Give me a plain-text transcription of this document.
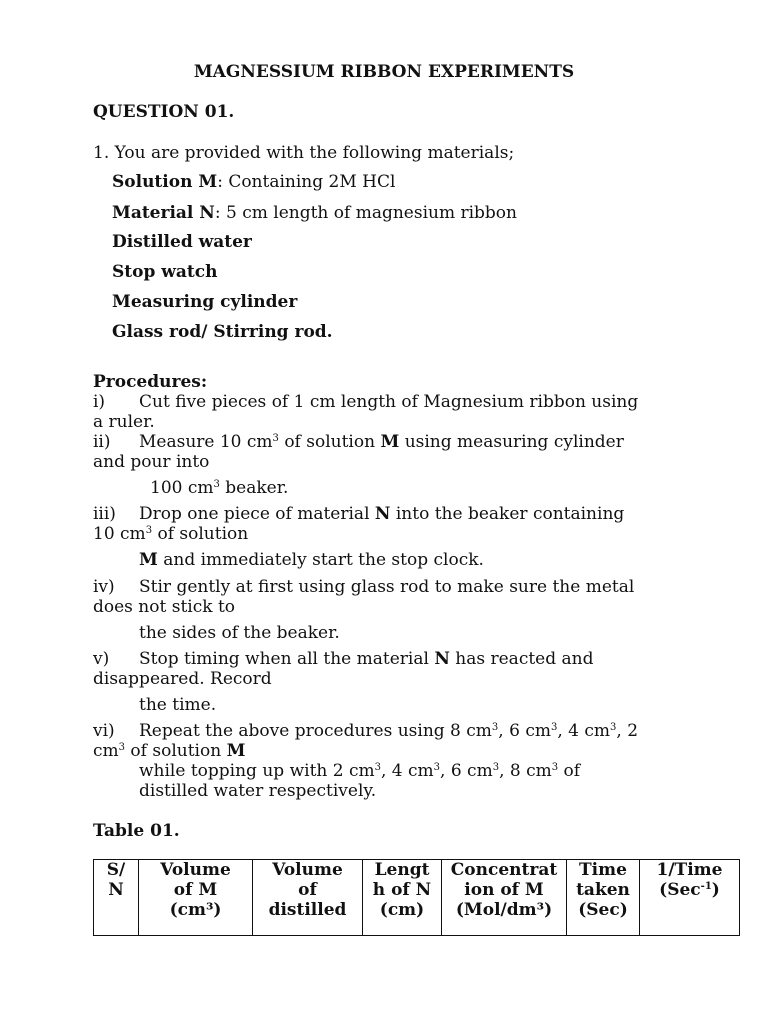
MAGNESSIUM RIBBON EXPERIMENTS
QUESTION 01.
1. You are provided with the following materials;
Solution M: Containing 2M HCl
Material N: 5 cm length of magnesium ribbon
Distilled water
Stop watch
Measuring cylinder
Glass rod/ Stirring rod.
Procedures:
i) Cut five pieces of 1 cm length of Magnesium ribbon using
a ruler.
ii) Measure 10 $cm^3$ of solution M using measuring cylinder
and pour into
100 $cm^3$ beaker.
iii) Drop one piece of material N into the beaker containing
10 $cm^3$ of solution
M and immediately start the stop clock.
iv) Stir gently at first using glass rod to make sure the metal
does not stick to
the sides of the beaker.
v) Stop timing when all the material N has reacted and
disappeared. Record
the time.
vi) Repeat the above procedures using 8 $cm^3$, 6 $cm^3$, 4 $cm^3$, 2
$cm^3$ of solution M
while topping up with 2 $cm^3$, 4 $cm^3$, 6 $cm^3$, 8 $cm^3$ of
distilled water respectively.
Table 01.
S/
N	Volume
of M
(cm³)	Volume
of
distilled	Lengt
h of N
(cm)	Concentrat
ion of M
(Mol/dm³)	Time
taken
(Sec)	1/Time
(Sec$^{-1}$)
